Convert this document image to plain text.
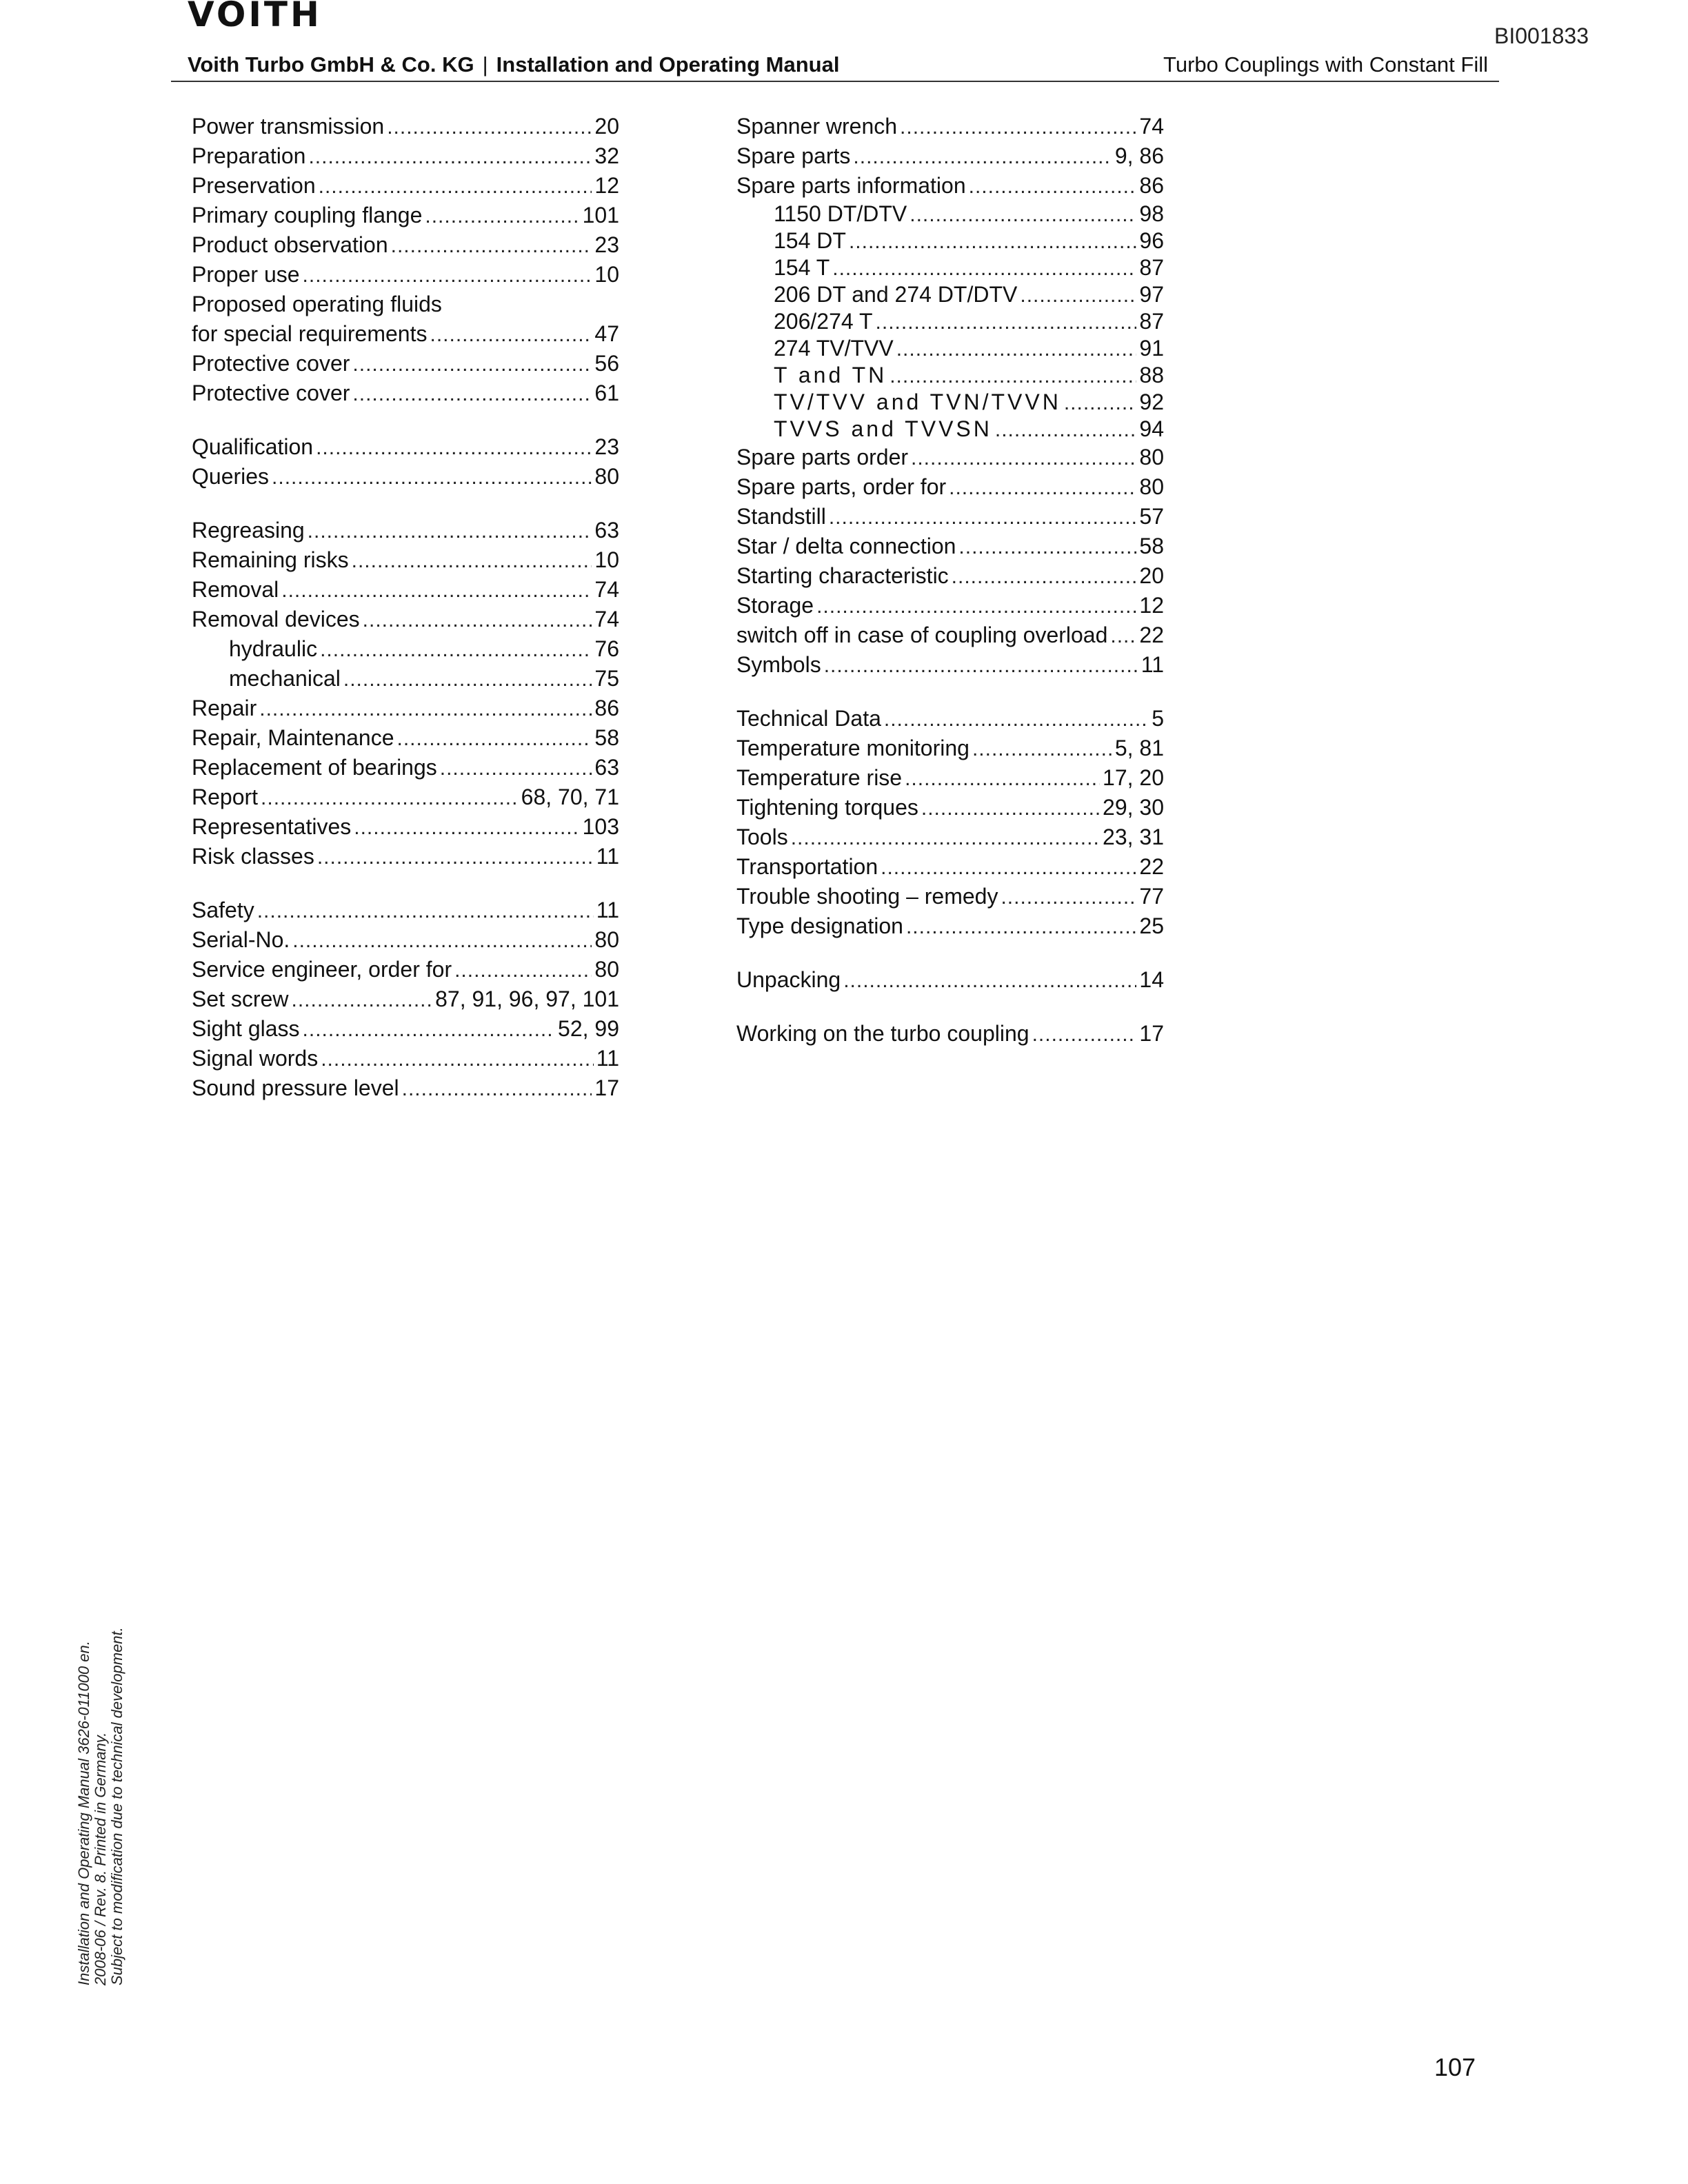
VOITH
BI001833
Voith Turbo GmbH & Co. KG | Installation and Operating Manual	Turbo Couplings with Constant Fill
Power transmission .....	20
Preparation .....	32
Preservation .....	12
Primary coupling flange .....	101
Product observation .....	23
Proper use .....	10
Proposed operating fluids
for special requirements .....	47
Protective cover .....	56
Protective cover .....	61
Qualification .....	23
Queries .....	80
Regreasing .....	63
Remaining risks .....	10
Removal .....	74
Removal devices .....	74
hydraulic .....	76
mechanical .....	75
Repair .....	86
Repair, Maintenance .....	58
Replacement of bearings .....	63
Report .....	68, 70, 71
Representatives .....	103
Risk classes .....	11
Safety .....	11
Serial-No. .....	80
Service engineer, order for .....	80
Set screw .....	87, 91, 96, 97, 101
Sight glass .....	52, 99
Signal words .....	11
Sound pressure level .....	17
Spanner wrench .....	74
Spare parts .....	9, 86
Spare parts information .....	86
1150 DT/DTV .....	98
154 DT .....	96
154 T .....	87
206 DT and 274 DT/DTV .....	97
206/274 T .....	87
274 TV/TVV .....	91
T and TN .....	88
TV/TVV and TVN/TVVN .....	92
TVVS and TVVSN .....	94
Spare parts order .....	80
Spare parts, order for .....	80
Standstill .....	57
Star / delta connection .....	58
Starting characteristic .....	20
Storage .....	12
switch off in case of coupling overload ..... 22
Symbols .....	11
Technical Data .....	5
Temperature monitoring .....	5, 81
Temperature rise .....	17, 20
Tightening torques .....	29, 30
Tools .....	23, 31
Transportation .....	22
Trouble shooting – remedy .....	77
Type designation .....	25
Unpacking .....	14
Working on the turbo coupling .....	17
Installation and Operating Manual 3626-011000 en. 2008-06 / Rev. 8. Printed in Germany. Subject to modification due to technical development.
107
